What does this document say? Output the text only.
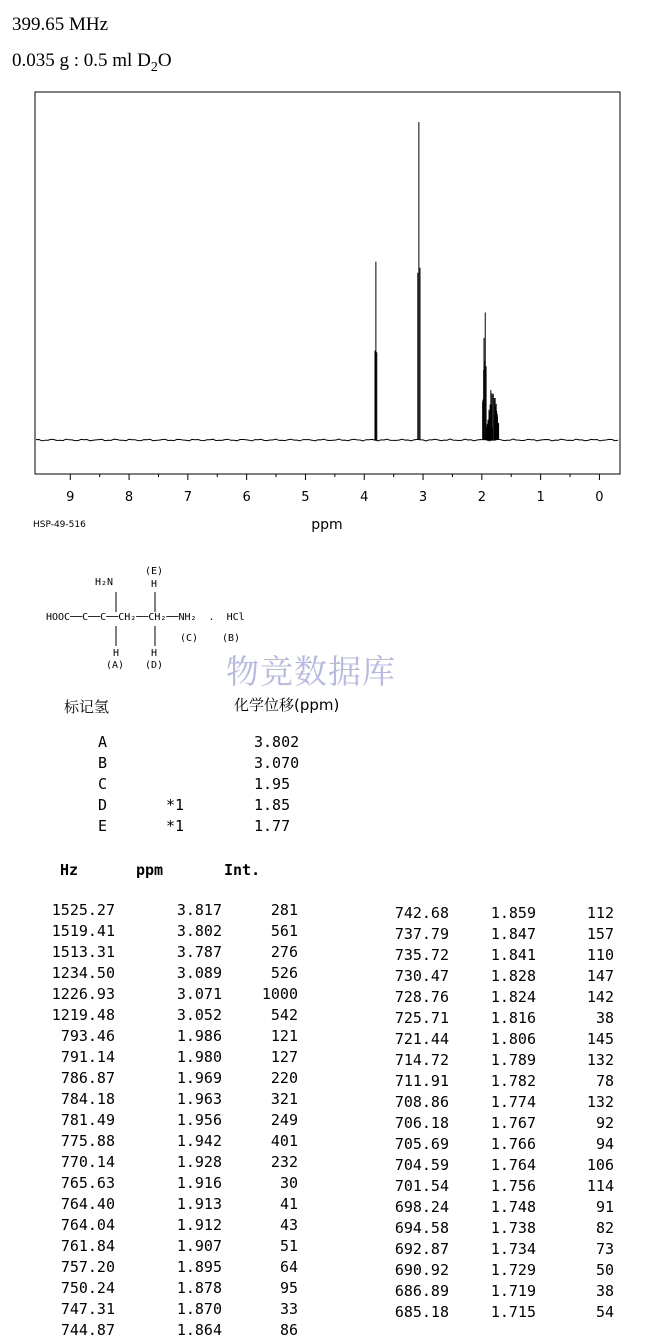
399.65 MHz
0.035 g : 0.5 ml $D_2O$
9	8	7	6	5	4	3	2	1	0
ppm
HSP-49-516
H₂N
(E)
H
HOOC──C──C──CH₂──CH₂──NH₂  .  HCl
(C) (B)
H	H
(A) (D) 物竞数据库
标记氢	化学位移(ppm)
A	3.802
B	3.070
C	1.95
D	*1	1.85
E	*1	1.77
Hz	ppm	Int.
1525.27	3.817	281
1519.41	3.802	561
1513.31	3.787	276
1234.50	3.089	526
1226.93	3.071	1000
1219.48	3.052	542
793.46	1.986	121
791.14	1.980	127
786.87	1.969	220
784.18	1.963	321
781.49	1.956	249
775.88	1.942	401
770.14	1.928	232
765.63	1.916	30
764.40	1.913	41
764.04	1.912	43
761.84	1.907	51
757.20	1.895	64
750.24	1.878	95
747.31	1.870	33
744.87	1.864	86
742.68	1.859	112
737.79	1.847	157
735.72	1.841	110
730.47	1.828	147
728.76	1.824	142
725.71	1.816	38
721.44	1.806	145
714.72	1.789	132
711.91	1.782	78
708.86	1.774	132
706.18	1.767	92
705.69	1.766	94
704.59	1.764	106
701.54	1.756	114
698.24	1.748	91
694.58	1.738	82
692.87	1.734	73
690.92	1.729	50
686.89	1.719	38
685.18	1.715	54
